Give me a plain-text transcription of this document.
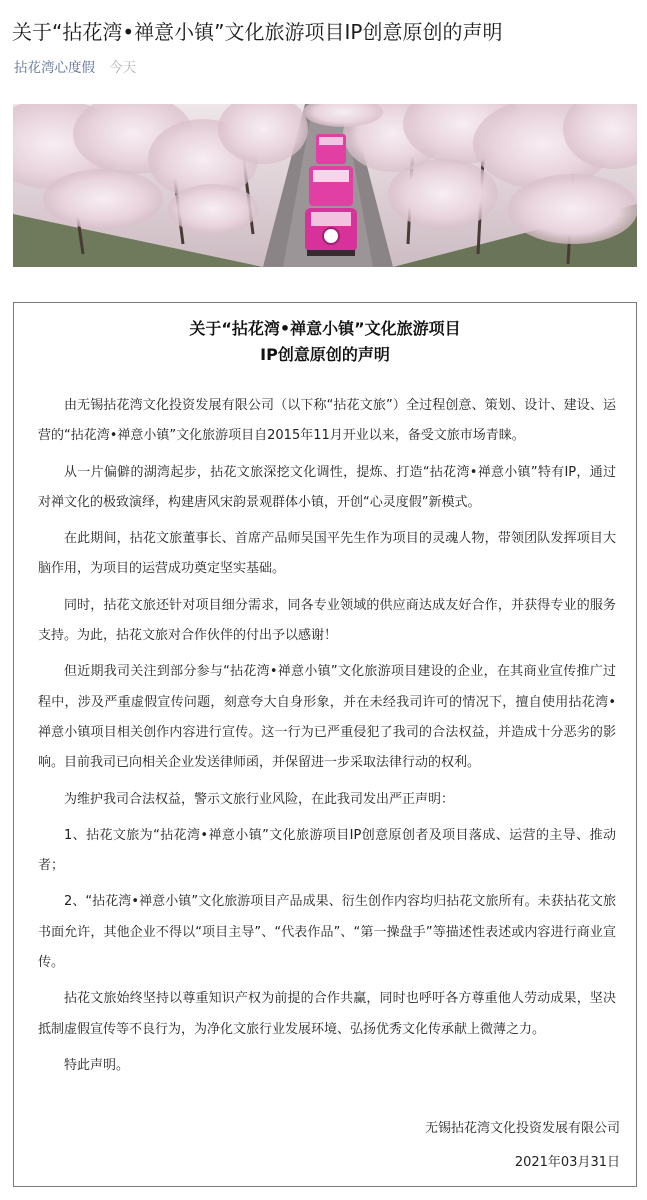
关于“拈花湾•禅意小镇”文化旅游项目IP创意原创的声明
拈花湾心度假 今天
关于“拈花湾•禅意小镇”文化旅游项目
IP创意原创的声明

由无锡拈花湾文化投资发展有限公司（以下称“拈花文旅”）全过程创意、策划、设计、建设、运营的“拈花湾•禅意小镇”文化旅游项目自2015年11月开业以来，备受文旅市场青睐。

从一片偏僻的湖湾起步，拈花文旅深挖文化调性，提炼、打造“拈花湾•禅意小镇”特有IP，通过对禅文化的极致演绎，构建唐风宋韵景观群体小镇，开创“心灵度假”新模式。

在此期间，拈花文旅董事长、首席产品师吴国平先生作为项目的灵魂人物，带领团队发挥项目大脑作用，为项目的运营成功奠定坚实基础。

同时，拈花文旅还针对项目细分需求，同各专业领域的供应商达成友好合作，并获得专业的服务支持。为此，拈花文旅对合作伙伴的付出予以感谢！

但近期我司关注到部分参与“拈花湾•禅意小镇”文化旅游项目建设的企业，在其商业宣传推广过程中，涉及严重虚假宣传问题，刻意夸大自身形象，并在未经我司许可的情况下，擅自使用拈花湾•禅意小镇项目相关创作内容进行宣传。这一行为已严重侵犯了我司的合法权益，并造成十分恶劣的影响。目前我司已向相关企业发送律师函，并保留进一步采取法律行动的权利。

为维护我司合法权益，警示文旅行业风险，在此我司发出严正声明：

1、拈花文旅为“拈花湾•禅意小镇”文化旅游项目IP创意原创者及项目落成、运营的主导、推动者；

2、“拈花湾•禅意小镇”文化旅游项目产品成果、衍生创作内容均归拈花文旅所有。未获拈花文旅书面允许，其他企业不得以“项目主导”、“代表作品”、“第一操盘手”等描述性表述或内容进行商业宣传。

拈花文旅始终坚持以尊重知识产权为前提的合作共赢，同时也呼吁各方尊重他人劳动成果，坚决抵制虚假宣传等不良行为，为净化文旅行业发展环境、弘扬优秀文化传承献上微薄之力。

特此声明。

无锡拈花湾文化投资发展有限公司
2021年03月31日
